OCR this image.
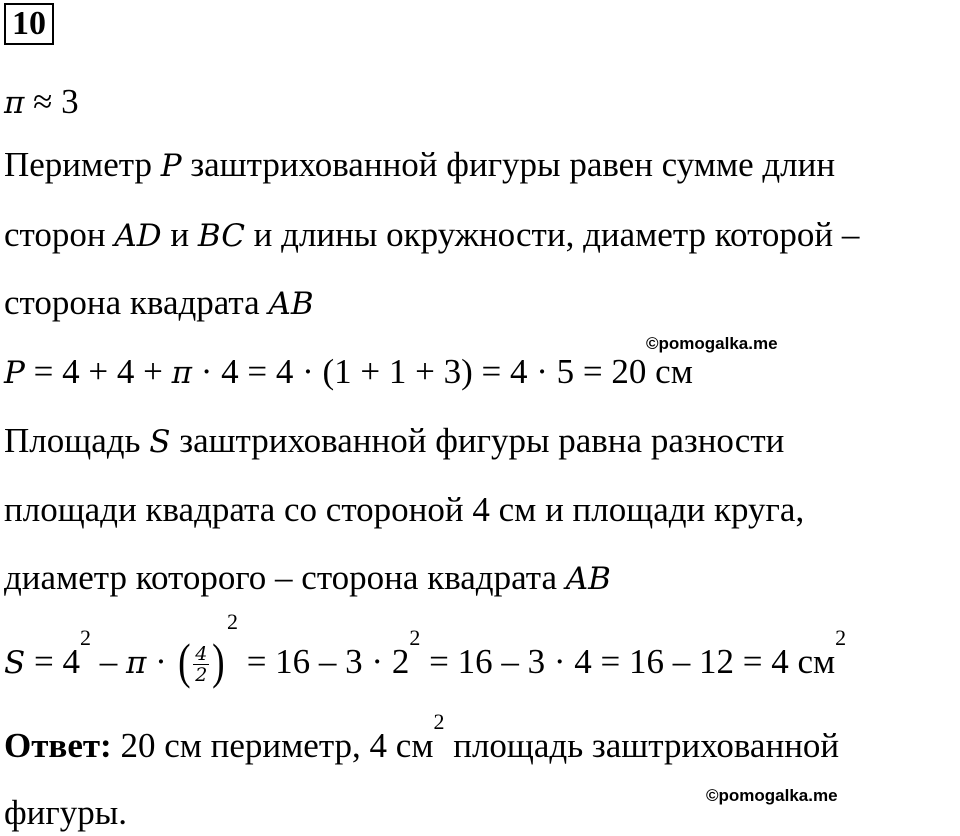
10
π ≈ 3
Периметр P заштрихованной фигуры равен сумме длин
сторон AD и BC и длины окружности, диаметр которой –
сторона квадрата AB
©pomogalka.me
P = 4 + 4 + π · 4 = 4 · (1 + 1 + 3) = 4 · 5 = 20 см
Площадь S заштрихованной фигуры равна разности
площади квадрата со стороной 4 см и площади круга,
диаметр которого – сторона квадрата AB
$S = 4^2 - \pi$ · ( $\frac{4}{2} )^2 = 16 - 3 \cdot 2^2 = 16 - 3 \cdot 4 = 16 - 12 = 4$ $см^2$
Ответ: 20 см периметр, 4 $см^2$ площадь заштрихованной
©pomogalka.me
фигуры.
